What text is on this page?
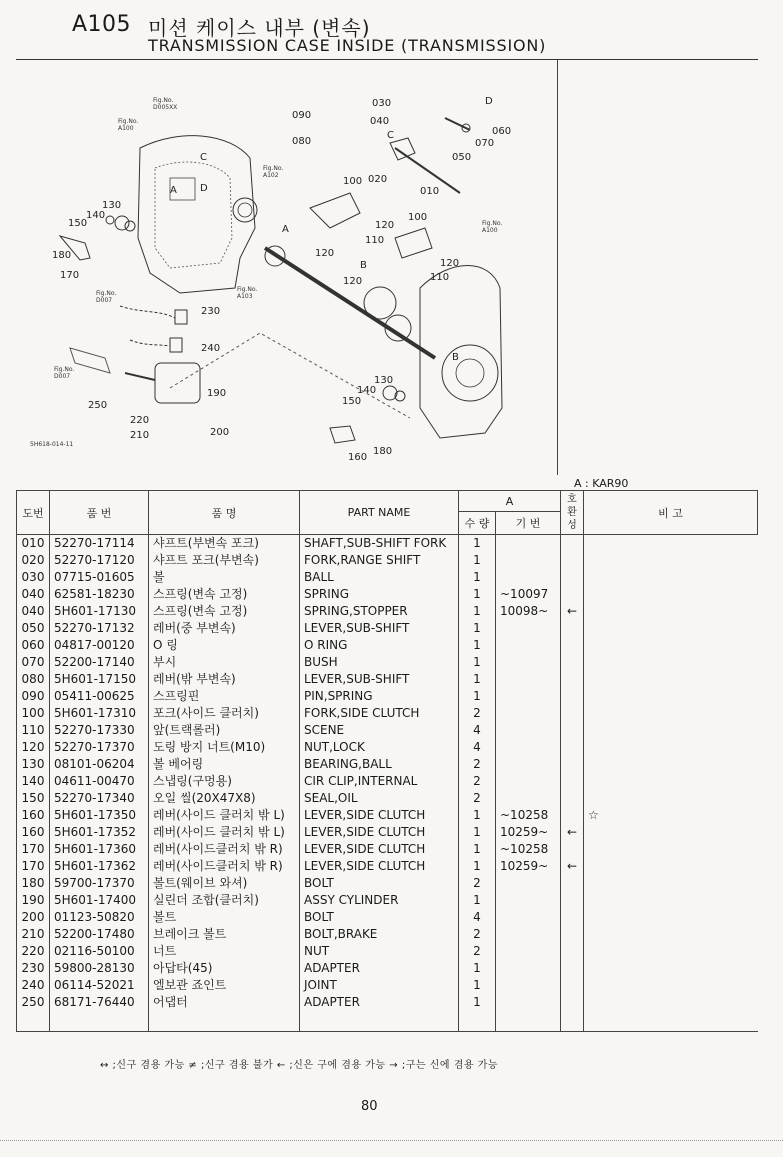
A105 미션 케이스 내부 (변속)
TRANSMISSION CASE INSIDE (TRANSMISSION)
090
080
030
040
D
060
070
C
050
010
100 020
130
140
150
180
170
120
110
120
100
120
110
120
B
A
D
A
C
B
230
240
190
250
220
210	200
130
140
150
160
180
Fig.No.
D005XX
Fig.No.
A100
Fig.No.
A102
Fig.No.
A103
Fig.No.
A100
Fig.No.
D007
Fig.No.
D007
5H618-014-11
A : KAR90
도번	품 번	품 명	PART NAME	A		호 환 성	비 고
				수 량	기 번		
010	52270-17114	샤프트(부변속 포크)	SHAFT,SUB-SHIFT FORK	1			
020	52270-17120	샤프트 포크(부변속)	FORK,RANGE SHIFT	1			
030	07715-01605	볼	BALL	1			
040	62581-18230	스프링(변속 고정)	SPRING	1	~10097		
040	5H601-17130	스프링(변속 고정)	SPRING,STOPPER	1	10098~	←	
050	52270-17132	레버(중 부변속)	LEVER,SUB-SHIFT	1			
060	04817-00120	O 링	O RING	1			
070	52200-17140	부시	BUSH	1			
080	5H601-17150	레버(밖 부변속)	LEVER,SUB-SHIFT	1			
090	05411-00625	스프링핀	PIN,SPRING	1			
100	5H601-17310	포크(사이드 클러치)	FORK,SIDE CLUTCH	2			
110	52270-17330	앞(트랙롤러)	SCENE	4			
120	52270-17370	도링 방지 너트(M10)	NUT,LOCK	4			
130	08101-06204	볼 베어링	BEARING,BALL	2			
140	04611-00470	스냅링(구멍용)	CIR CLIP,INTERNAL	2			
150	52270-17340	오일 씰(20X47X8)	SEAL,OIL	2			
160	5H601-17350	레버(사이드 클러치 밖 L)	LEVER,SIDE CLUTCH	1	~10258		☆
160	5H601-17352	레버(사이드 클러치 밖 L)	LEVER,SIDE CLUTCH	1	10259~	←	
170	5H601-17360	레버(사이드클러치 밖 R)	LEVER,SIDE CLUTCH	1	~10258		
170	5H601-17362	레버(사이드클러치 밖 R)	LEVER,SIDE CLUTCH	1	10259~	←	
180	59700-17370	볼트(웨이브 와셔)	BOLT	2			
190	5H601-17400	실린더 조합(클러치)	ASSY CYLINDER	1			
200	01123-50820	볼트	BOLT	4			
210	52200-17480	브레이크 볼트	BOLT,BRAKE	2			
220	02116-50100	너트	NUT	2			
230	59800-28130	아답타(45)	ADAPTER	1			
240	06114-52021	엘보관 죠인트	JOINT	1			
250	68171-76440	어댑터	ADAPTER	1			

↔ ;신구 겸용 가능 ≠ ;신구 겸용 불가 ← ;신은 구에 겸용 가능 → ;구는 신에 겸용 가능
80
